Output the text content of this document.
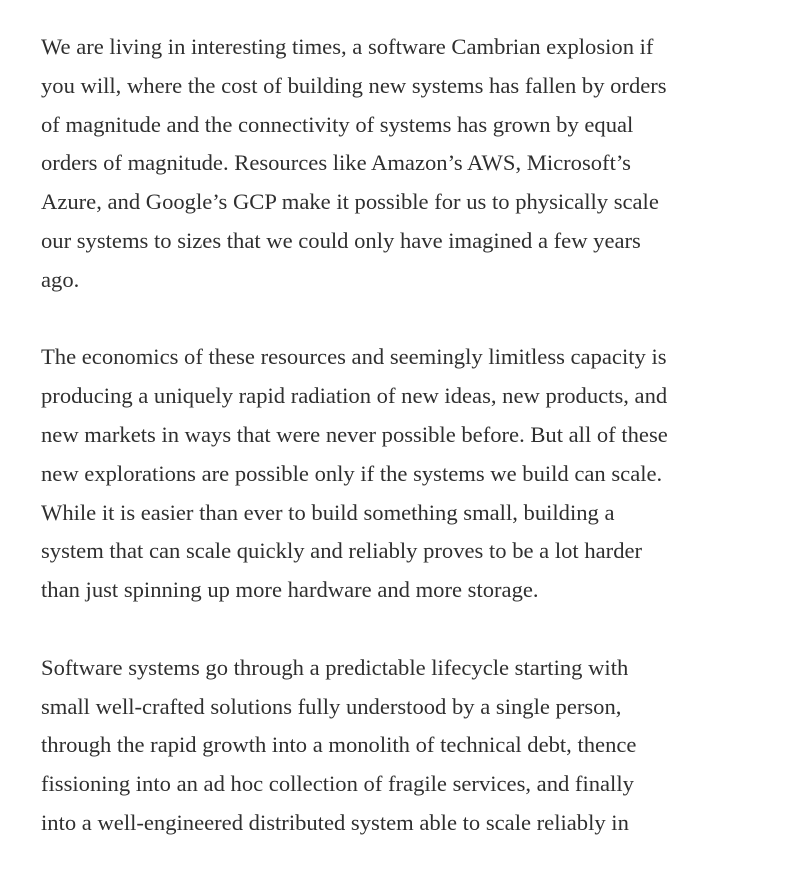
We are living in interesting times, a software Cambrian explosion if
you will, where the cost of building new systems has fallen by orders
of magnitude and the connectivity of systems has grown by equal
orders of magnitude. Resources like Amazon’s AWS, Microsoft’s
Azure, and Google’s GCP make it possible for us to physically scale
our systems to sizes that we could only have imagined a few years
ago.

The economics of these resources and seemingly limitless capacity is
producing a uniquely rapid radiation of new ideas, new products, and
new markets in ways that were never possible before. But all of these
new explorations are possible only if the systems we build can scale.
While it is easier than ever to build something small, building a
system that can scale quickly and reliably proves to be a lot harder
than just spinning up more hardware and more storage.

Software systems go through a predictable lifecycle starting with
small well-crafted solutions fully understood by a single person,
through the rapid growth into a monolith of technical debt, thence
fissioning into an ad hoc collection of fragile services, and finally
into a well-engineered distributed system able to scale reliably in
